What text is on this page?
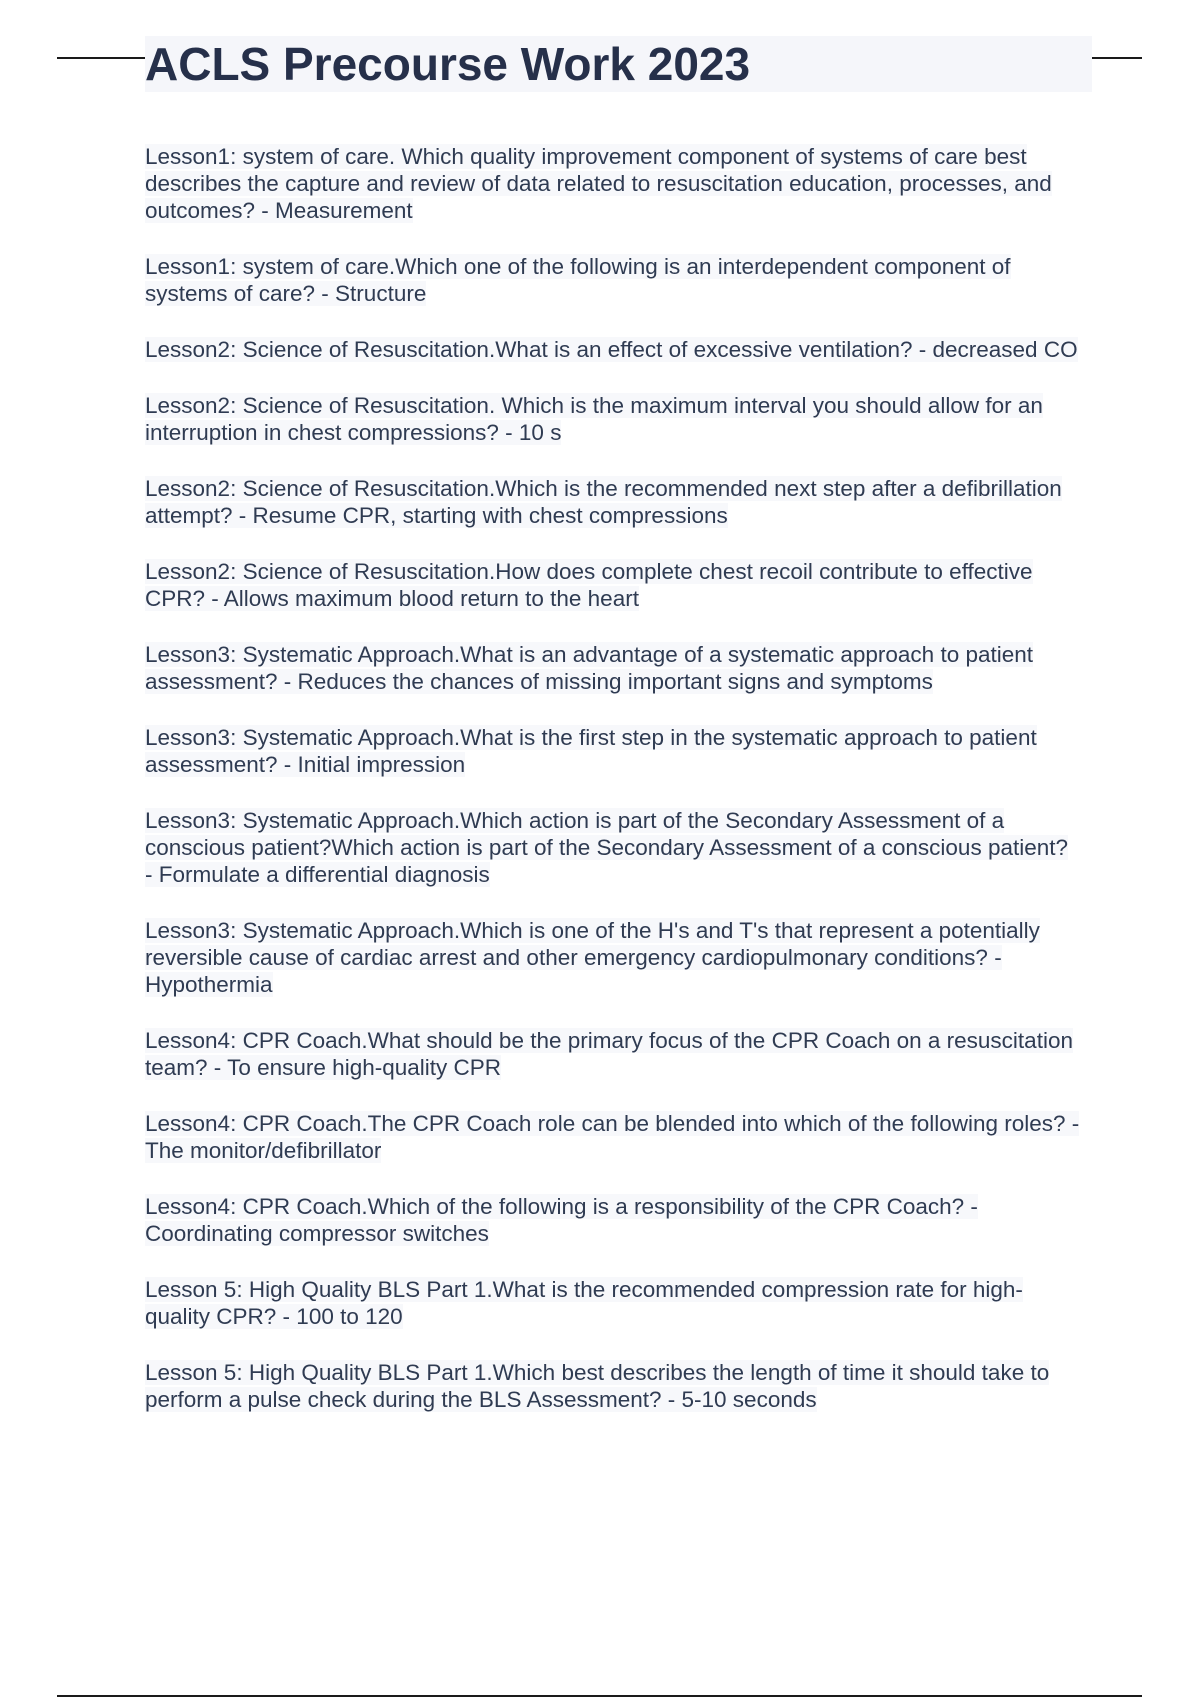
ACLS Precourse Work 2023
Lesson1: system of care. Which quality improvement component of systems of care best describes the capture and review of data related to resuscitation education, processes, and outcomes? - Measurement
Lesson1: system of care.Which one of the following is an interdependent component of systems of care? - Structure
Lesson2: Science of Resuscitation.What is an effect of excessive ventilation? - decreased CO
Lesson2: Science of Resuscitation. Which is the maximum interval you should allow for an interruption in chest compressions? - 10 s
Lesson2: Science of Resuscitation.Which is the recommended next step after a defibrillation attempt? - Resume CPR, starting with chest compressions
Lesson2: Science of Resuscitation.How does complete chest recoil contribute to effective CPR? - Allows maximum blood return to the heart
Lesson3: Systematic Approach.What is an advantage of a systematic approach to patient assessment? - Reduces the chances of missing important signs and symptoms
Lesson3: Systematic Approach.What is the first step in the systematic approach to patient assessment? - Initial impression
Lesson3: Systematic Approach.Which action is part of the Secondary Assessment of a conscious patient?Which action is part of the Secondary Assessment of a conscious patient? - Formulate a differential diagnosis
Lesson3: Systematic Approach.Which is one of the H's and T's that represent a potentially reversible cause of cardiac arrest and other emergency cardiopulmonary conditions? - Hypothermia
Lesson4: CPR Coach.What should be the primary focus of the CPR Coach on a resuscitation team? - To ensure high-quality CPR
Lesson4: CPR Coach.The CPR Coach role can be blended into which of the following roles? - The monitor/defibrillator
Lesson4: CPR Coach.Which of the following is a responsibility of the CPR Coach? - Coordinating compressor switches
Lesson 5: High Quality BLS Part 1.What is the recommended compression rate for high-quality CPR? - 100 to 120
Lesson 5: High Quality BLS Part 1.Which best describes the length of time it should take to perform a pulse check during the BLS Assessment? - 5-10 seconds
